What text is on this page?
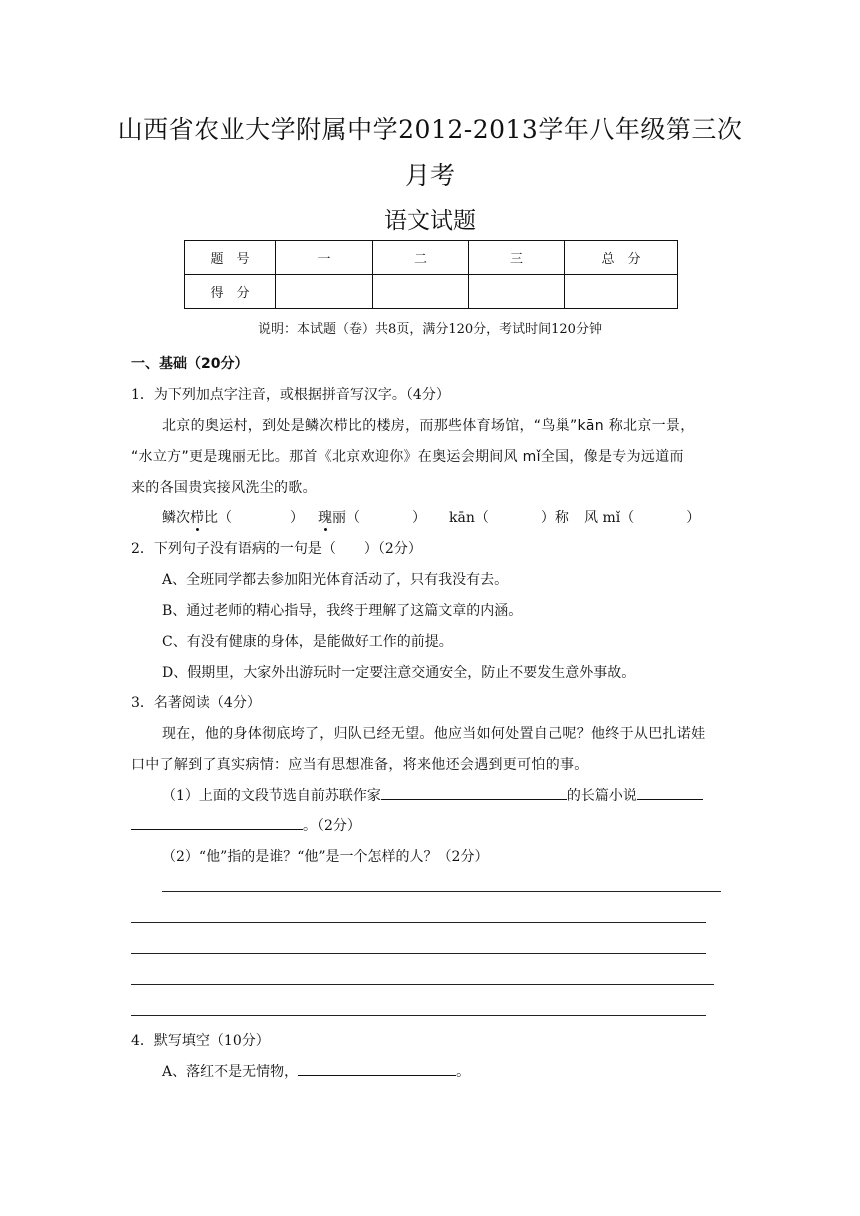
山西省农业大学附属中学2012-2013学年八年级第三次
月考
语文试题
题　号	一	二	三	总　分
得　分				
说明：本试题（卷）共8页，满分120分，考试时间120分钟
一、基础（20分）
1．为下列加点字注音，或根据拼音写汉字。（4分）
北京的奥运村，到处是鳞次栉比的楼房，而那些体育场馆，“鸟巢”kān 称北京一景，
“水立方”更是瑰丽无比。那首《北京欢迎你》在奥运会期间风 mǐ全国，像是专为远道而
来的各国贵宾接风洗尘的歌。
鳞次栉比（	） 瑰丽（	） kān（	）称 风 mǐ（	）
2．下列句子没有语病的一句是（　　）（2分）
A、全班同学都去参加阳光体育活动了，只有我没有去。
B、通过老师的精心指导，我终于理解了这篇文章的内涵。
C、有没有健康的身体，是能做好工作的前提。
D、假期里，大家外出游玩时一定要注意交通安全，防止不要发生意外事故。
3．名著阅读（4分）
现在，他的身体彻底垮了，归队已经无望。他应当如何处置自己呢？他终于从巴扎诺娃
口中了解到了真实病情：应当有思想准备，将来他还会遇到更可怕的事。
（1）上面的文段节选自前苏联作家	的长篇小说
。（2分）
（2）“他”指的是谁？“他”是一个怎样的人？（2分）
4．默写填空（10分）
A、落红不是无情物，	。
